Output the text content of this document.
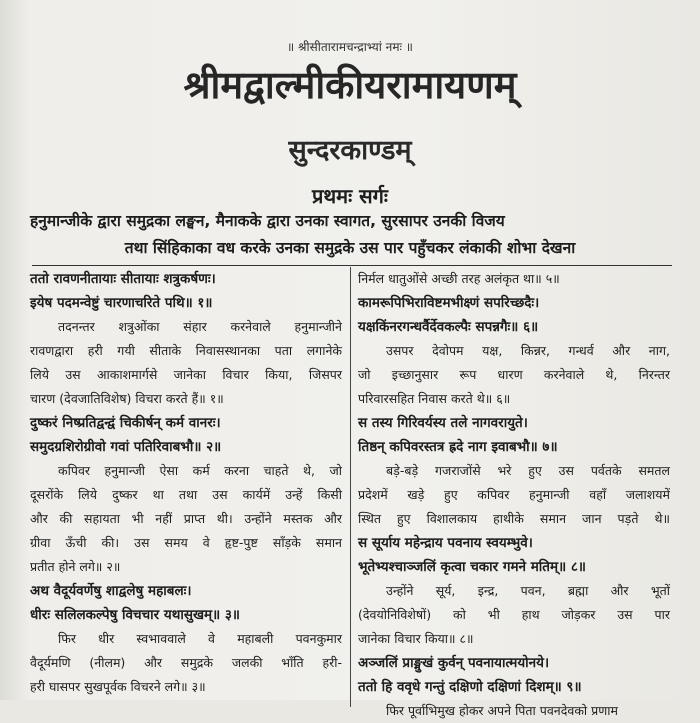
॥ श्रीसीतारामचन्द्राभ्यां नमः ॥
श्रीमद्वाल्मीकीयरामायणम्
सुन्दरकाण्डम्
प्रथमः सर्गः
हनुमान्जीके द्वारा समुद्रका लङ्घन, मैनाकके द्वारा उनका स्वागत, सुरसापर उनकी विजय
तथा सिंहिकाका वध करके उनका समुद्रके उस पार पहुँचकर लंकाकी शोभा देखना
ततो रावणनीतायाः सीतायाः शत्रुकर्षणः।
इयेष पदमन्वेष्टुं चारणाचरिते पथि॥ १॥
तदनन्तर शत्रुओंका संहार करनेवाले हनुमान्जीने
रावणद्वारा हरी गयी सीताके निवासस्थानका पता लगानेके
लिये उस आकाशमार्गसे जानेका विचार किया, जिसपर
चारण (देवजातिविशेष) विचरा करते हैं॥ १॥
दुष्करं निष्प्रतिद्वन्द्वं चिकीर्षन् कर्म वानरः।
समुदग्रशिरोग्रीवो गवां पतिरिवाबभौ॥ २॥
कपिवर हनुमान्जी ऐसा कर्म करना चाहते थे, जो
दूसरोंके लिये दुष्कर था तथा उस कार्यमें उन्हें किसी
और की सहायता भी नहीं प्राप्त थी। उन्होंने मस्तक और
ग्रीवा ऊँची की। उस समय वे हृष्ट-पुष्ट साँड़के समान
प्रतीत होने लगे॥ २॥
अथ वैदूर्यवर्णेषु शाद्वलेषु महाबलः।
धीरः सलिलकल्पेषु विचचार यथासुखम्॥ ३॥
फिर धीर स्वभाववाले वे महाबली पवनकुमार
वैदूर्यमणि (नीलम) और समुद्रके जलकी भाँति हरी-
हरी घासपर सुखपूर्वक विचरने लगे॥ ३॥
निर्मल धातुओंसे अच्छी तरह अलंकृत था॥ ५॥
कामरूपिभिराविष्टमभीक्ष्णं सपरिच्छदैः।
यक्षकिंनरगन्धर्वैर्देवकल्पैः सपन्नगैः॥ ६॥
उसपर देवोपम यक्ष, किन्नर, गन्धर्व और नाग,
जो इच्छानुसार रूप धारण करनेवाले थे, निरन्तर
परिवारसहित निवास करते थे॥ ६॥
स तस्य गिरिवर्यस्य तले नागवरायुते।
तिष्ठन् कपिवरस्तत्र ह्रदे नाग इवाबभौ॥ ७॥
बड़े-बड़े गजराजोंसे भरे हुए उस पर्वतके समतल
प्रदेशमें खड़े हुए कपिवर हनुमान्जी वहाँ जलाशयमें
स्थित हुए विशालकाय हाथीके समान जान पड़ते थे॥
स सूर्याय महेन्द्राय पवनाय स्वयम्भुवे।
भूतेभ्यश्चाञ्जलिं कृत्वा चकार गमने मतिम्॥ ८॥
उन्होंने सूर्य, इन्द्र, पवन, ब्रह्मा और भूतों
(देवयोनिविशेषों) को भी हाथ जोड़कर उस पार
जानेका विचार किया॥ ८॥
अञ्जलिं प्राङ्मुखं कुर्वन् पवनायात्मयोनये।
ततो हि ववृधे गन्तुं दक्षिणो दक्षिणां दिशम्॥ ९॥
फिर पूर्वाभिमुख होकर अपने पिता पवनदेवको प्रणाम
